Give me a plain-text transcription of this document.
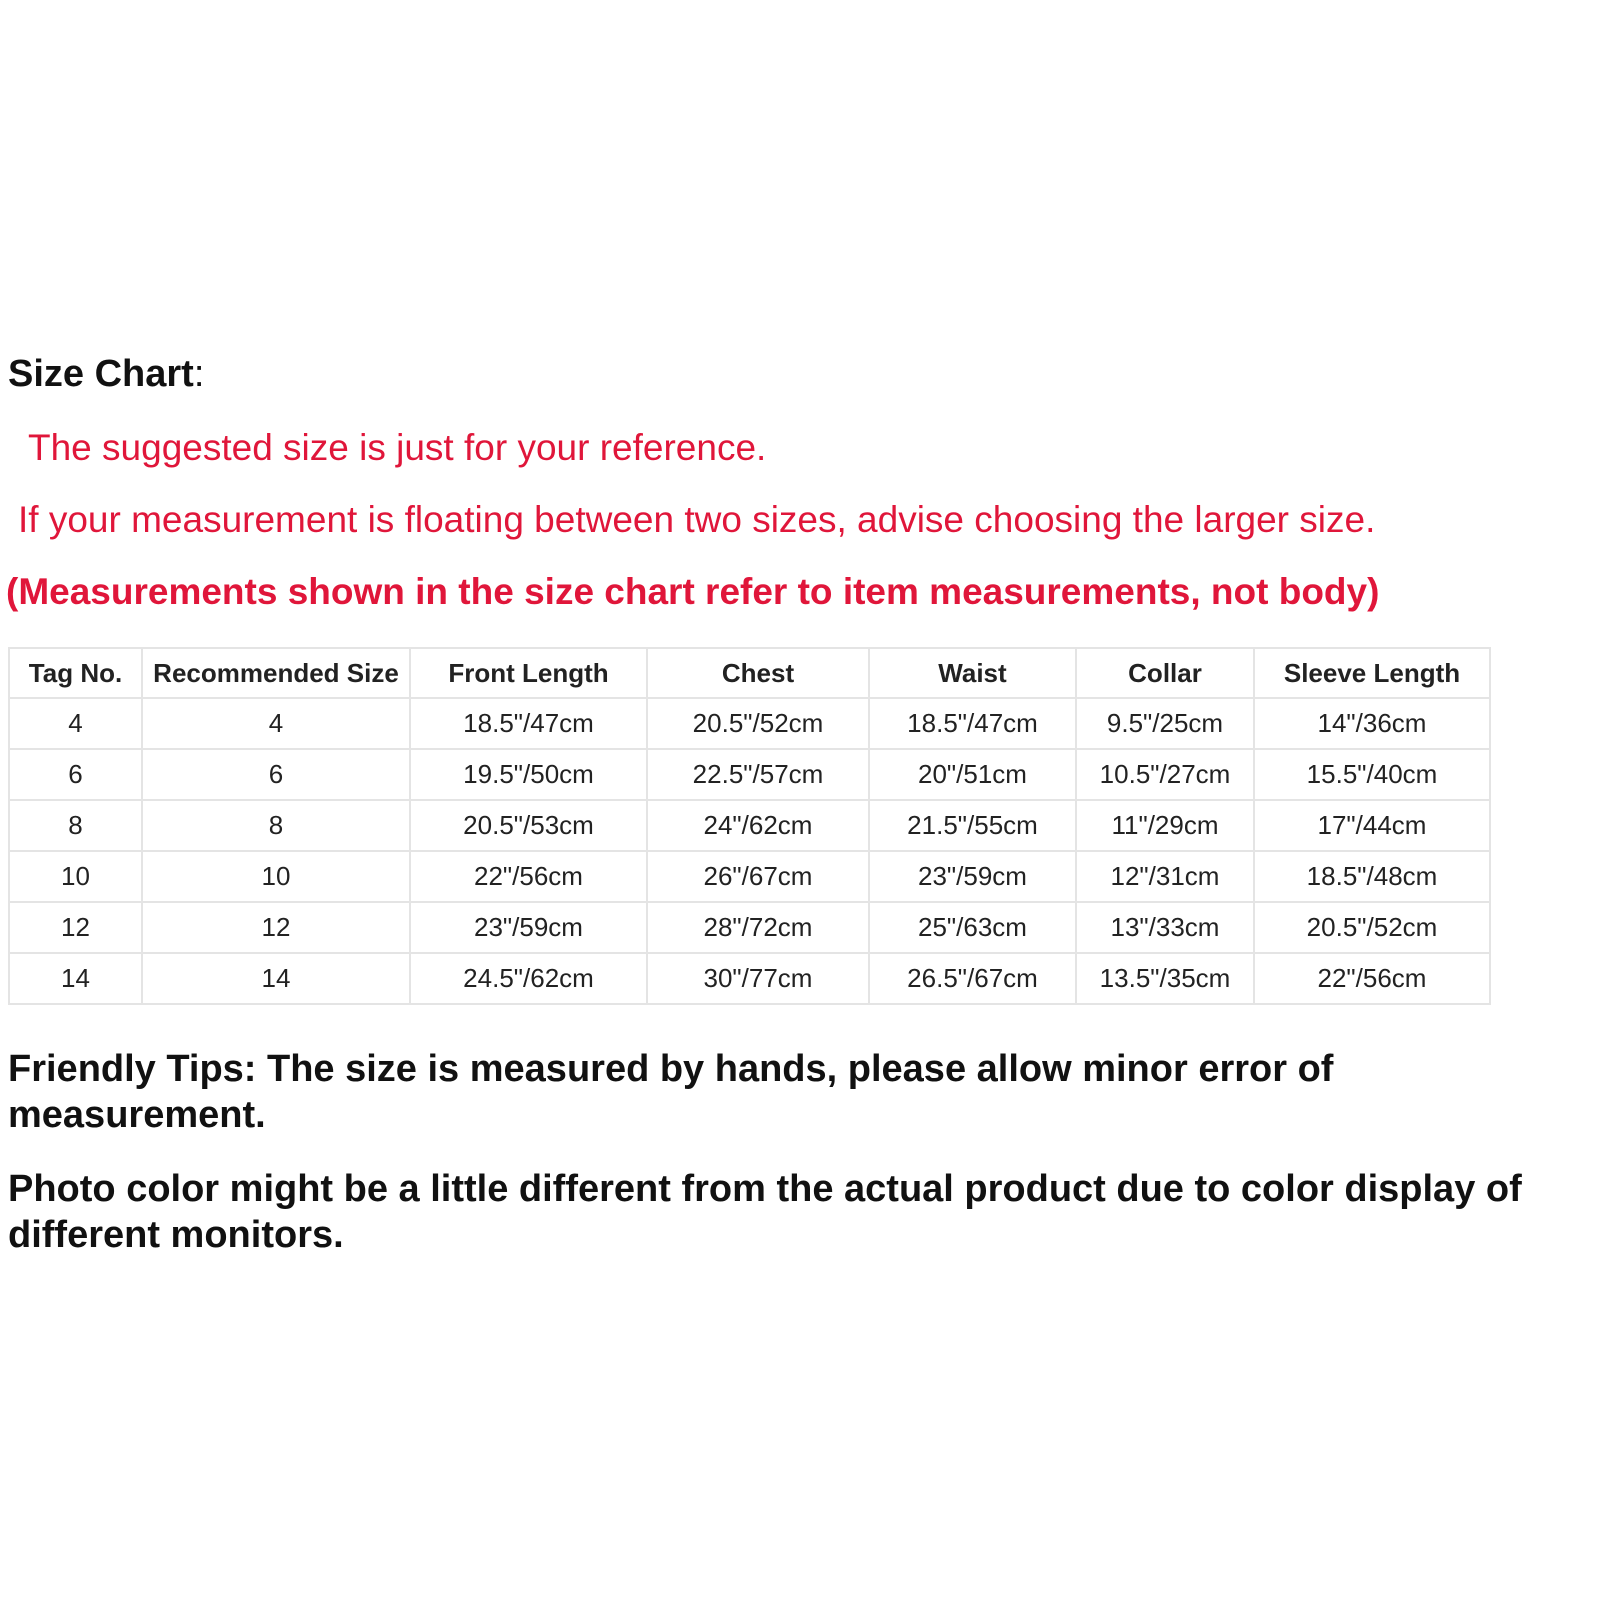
Size Chart:
The suggested size is just for your reference.
If your measurement is floating between two sizes, advise choosing the larger size.
(Measurements shown in the size chart refer to item measurements, not body)
Tag No.	Recommended Size	Front Length	Chest	Waist	Collar	Sleeve Length
4	4	18.5"/47cm	20.5"/52cm	18.5"/47cm	9.5"/25cm	14"/36cm
6	6	19.5"/50cm	22.5"/57cm	20"/51cm	10.5"/27cm	15.5"/40cm
8	8	20.5"/53cm	24"/62cm	21.5"/55cm	11"/29cm	17"/44cm
10	10	22"/56cm	26"/67cm	23"/59cm	12"/31cm	18.5"/48cm
12	12	23"/59cm	28"/72cm	25"/63cm	13"/33cm	20.5"/52cm
14	14	24.5"/62cm	30"/77cm	26.5"/67cm	13.5"/35cm	22"/56cm
Friendly Tips: The size is measured by hands, please allow minor error of measurement.
Photo color might be a little different from the actual product due to color display of different monitors.
